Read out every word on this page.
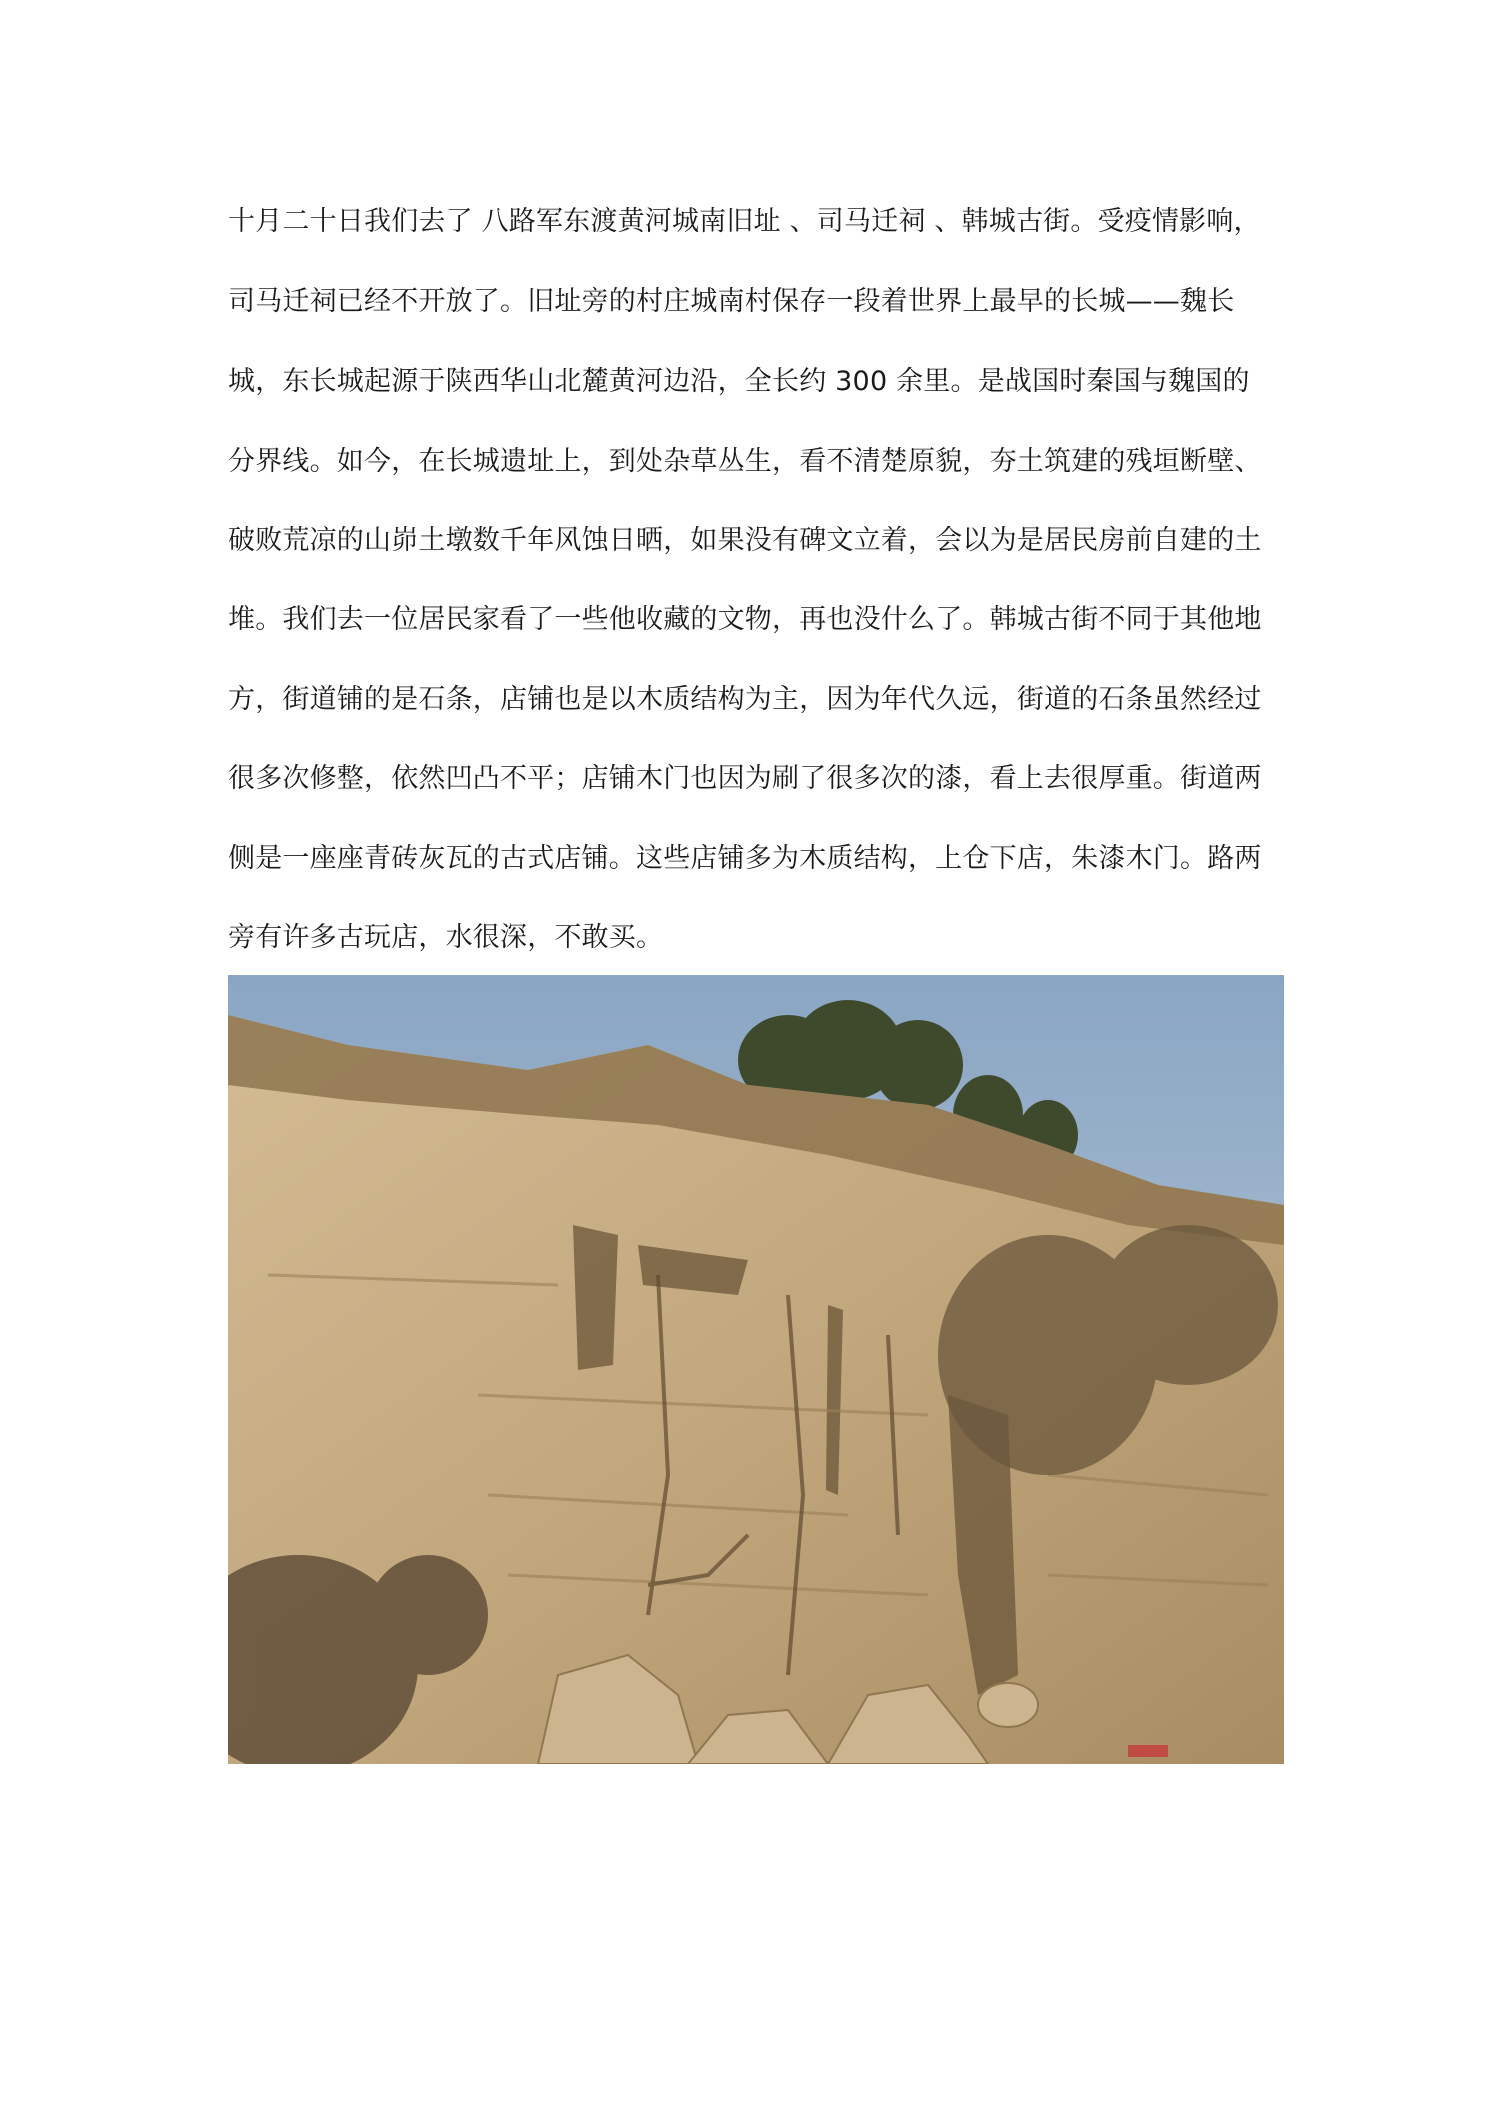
十月二十日我们去了 八路军东渡黄河城南旧址 、司马迁祠 、韩城古街。受疫情影响，
司马迁祠已经不开放了。旧址旁的村庄城南村保存一段着世界上最早的长城——魏长
城，东长城起源于陕西华山北麓黄河边沿，全长约 300 余里。是战国时秦国与魏国的
分界线。如今，在长城遗址上，到处杂草丛生，看不清楚原貌，夯土筑建的残垣断壁、
破败荒凉的山峁土墩数千年风蚀日晒，如果没有碑文立着，会以为是居民房前自建的土
堆。我们去一位居民家看了一些他收藏的文物，再也没什么了。韩城古街不同于其他地
方，街道铺的是石条，店铺也是以木质结构为主，因为年代久远，街道的石条虽然经过
很多次修整，依然凹凸不平；店铺木门也因为刷了很多次的漆，看上去很厚重。街道两
侧是一座座青砖灰瓦的古式店铺。这些店铺多为木质结构，上仓下店，朱漆木门。路两
旁有许多古玩店，水很深，不敢买。
